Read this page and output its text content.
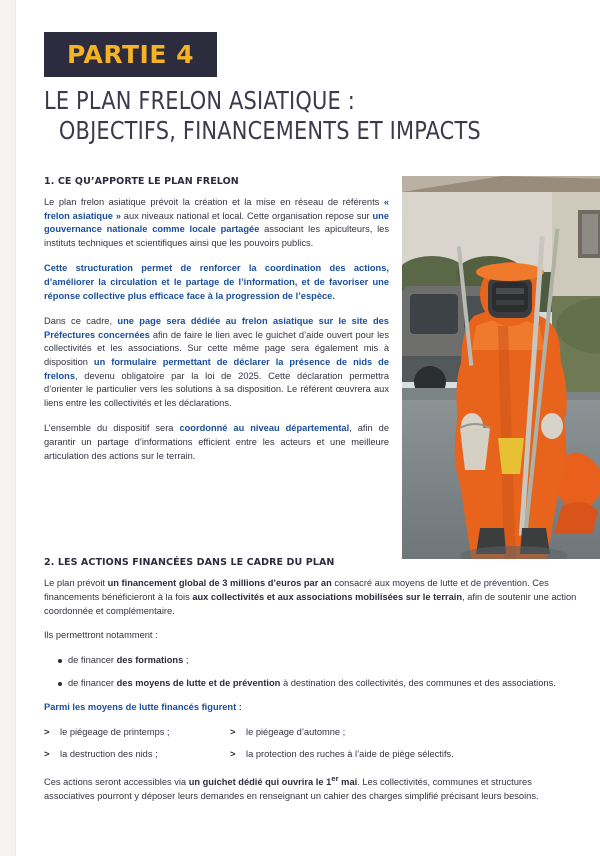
PARTIE 4
LE PLAN FRELON ASIATIQUE :
OBJECTIFS, FINANCEMENTS ET IMPACTS
1. CE QU’APPORTE LE PLAN FRELON

Le plan frelon asiatique prévoit la création et la mise en réseau de référents « frelon asiatique » aux niveaux national et local. Cette organisation repose sur une gouvernance nationale comme locale partagée associant les apiculteurs, les instituts techniques et scientifiques ainsi que les pouvoirs publics.

Cette structuration permet de renforcer la coordination des actions, d’améliorer la circulation et le partage de l’information, et de favoriser une réponse collective plus efficace face à la progression de l’espèce.

Dans ce cadre, une page sera dédiée au frelon asiatique sur le site des Préfectures concernées afin de faire le lien avec le guichet d’aide ouvert pour les collectivités et les associations. Sur cette même page sera également mis à disposition un formulaire permettant de déclarer la présence de nids de frelons, devenu obligatoire par la loi de 2025. Cette déclaration permettra d’orienter le particulier vers les solutions à sa disposition. Le référent œuvrera aux liens entre les collectivités et les déclarations.

L’ensemble du dispositif sera coordonné au niveau départemental, afin de garantir un partage d’informations efficient entre les acteurs et une meilleure articulation des actions sur le terrain.

2. LES ACTIONS FINANCÉES DANS LE CADRE DU PLAN

Le plan prévoit un financement global de 3 millions d’euros par an consacré aux moyens de lutte et de prévention. Ces financements bénéficieront à la fois aux collectivités et aux associations mobilisées sur le terrain, afin de soutenir une action coordonnée et complémentaire.

Ils permettront notamment :

de financer des formations ;
de financer des moyens de lutte et de prévention à destination des collectivités, des communes et des associations.

Parmi les moyens de lutte financés figurent :

> le piégeage de printemps ;	> le piégeage d’automne ;
> la destruction des nids ;	> la protection des ruches à l’aide de piège sélectifs.

Ces actions seront accessibles via un guichet dédié qui ouvrira le 1er mai. Les collectivités, communes et structures associatives pourront y déposer leurs demandes en renseignant un cahier des charges simplifié précisant leurs besoins.
